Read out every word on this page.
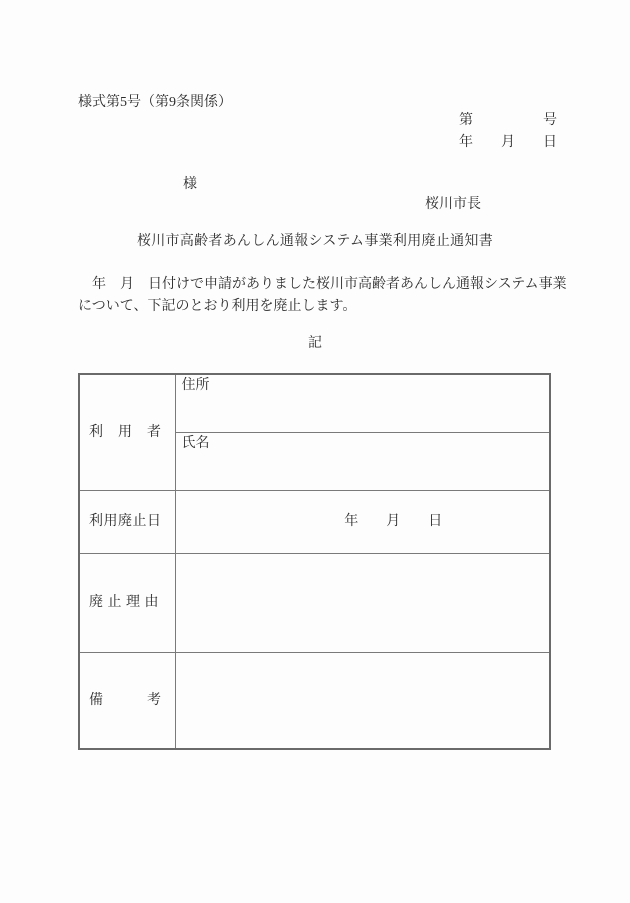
様式第5号（第9条関係）
第　　　　　号
年　　月　　日
様
桜川市長
桜川市高齢者あんしん通報システム事業利用廃止通知書
　年　月　日付けで申請がありました桜川市高齢者あんしん通報システム事業
について、下記のとおり利用を廃止します。
記
利　用　者	住所
	氏名
利用廃止日	年　　月　　日
廃 止 理 由	
備　　　考	
